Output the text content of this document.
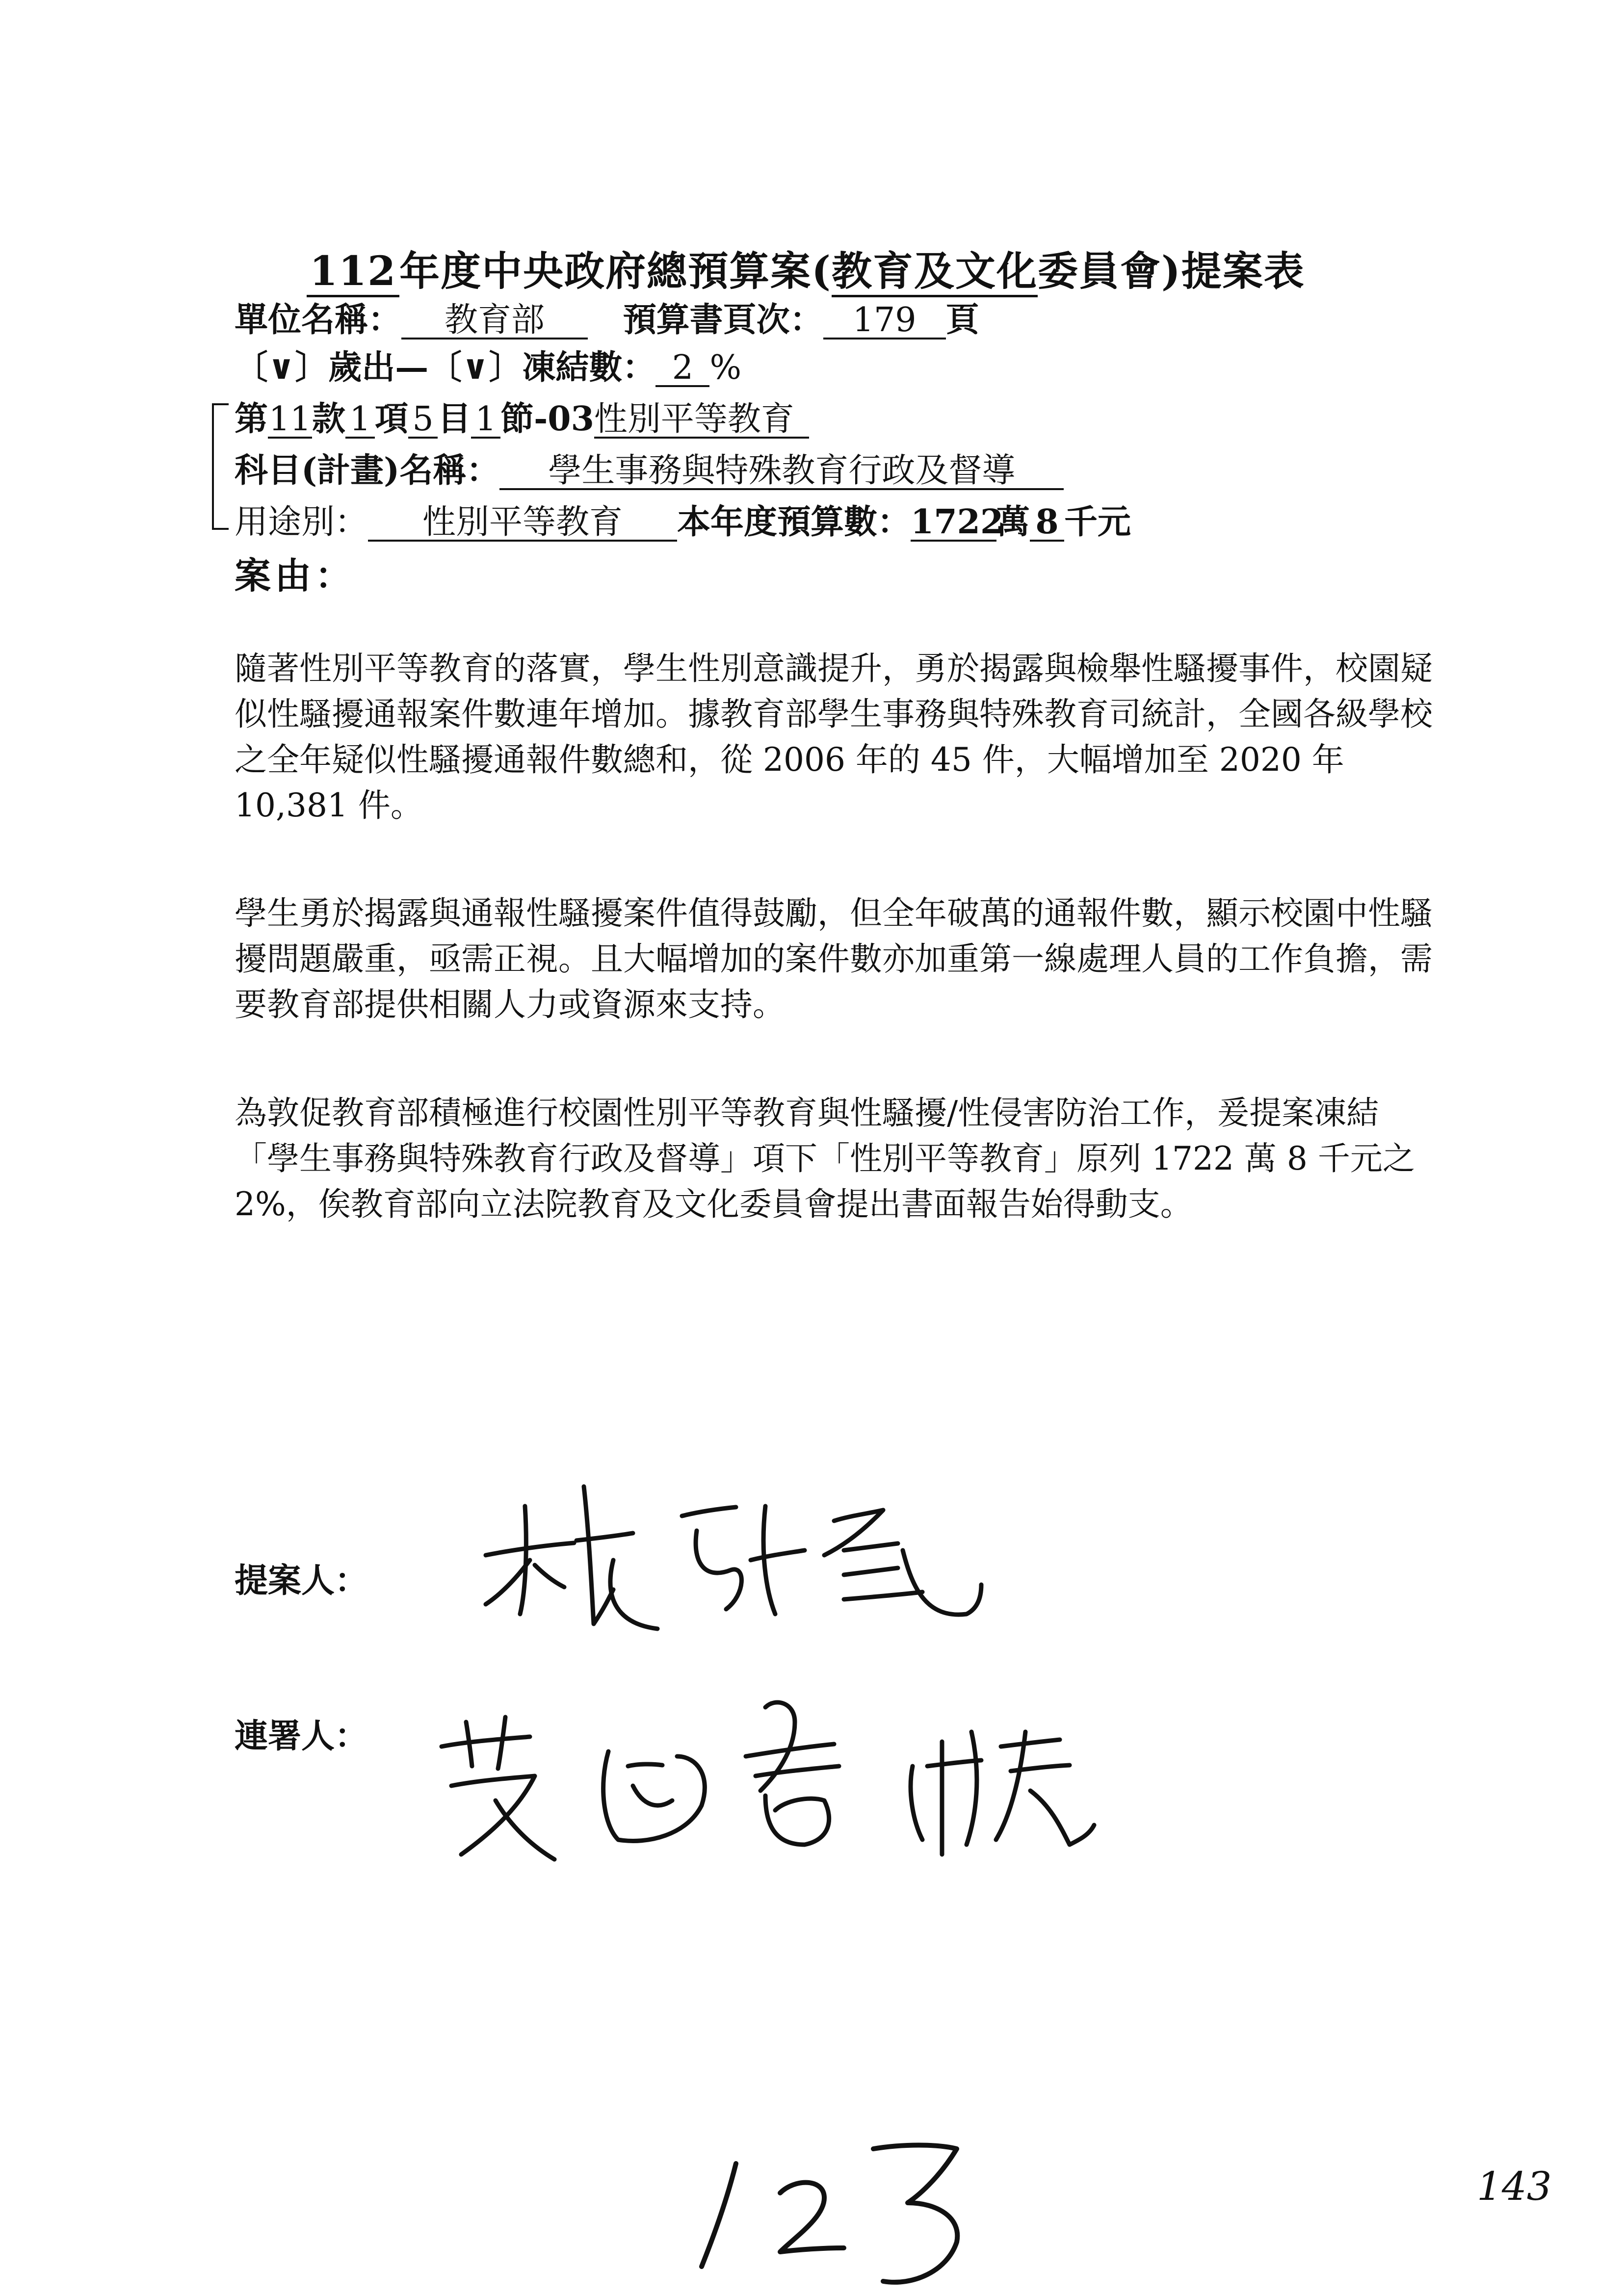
112年度中央政府總預算案(教育及文化委員會)提案表
單位名稱： 教育部 預算書頁次： 179 頁
〔∨〕歲出—〔∨〕凍結數： 2 %
第11款 1 項 5 目 1 節-03性別平等教育
科目(計畫)名稱： 學生事務與特殊教育行政及督導
用途別： 性別平等教育 本年度預算數：1722萬 8 千元
案由：
隨著性別平等教育的落實，學生性別意識提升，勇於揭露與檢舉性騷擾事件，校園疑似性騷擾通報案件數連年增加。據教育部學生事務與特殊教育司統計，全國各級學校之全年疑似性騷擾通報件數總和，從 2006 年的 45 件，大幅增加至 2020 年 10,381 件。
學生勇於揭露與通報性騷擾案件值得鼓勵，但全年破萬的通報件數，顯示校園中性騷擾問題嚴重，亟需正視。且大幅增加的案件數亦加重第一線處理人員的工作負擔，需要教育部提供相關人力或資源來支持。
為敦促教育部積極進行校園性別平等教育與性騷擾/性侵害防治工作，爰提案凍結「學生事務與特殊教育行政及督導」項下「性別平等教育」原列 1722 萬 8 千元之 2%，俟教育部向立法院教育及文化委員會提出書面報告始得動支。
提案人：
連署人：
143
